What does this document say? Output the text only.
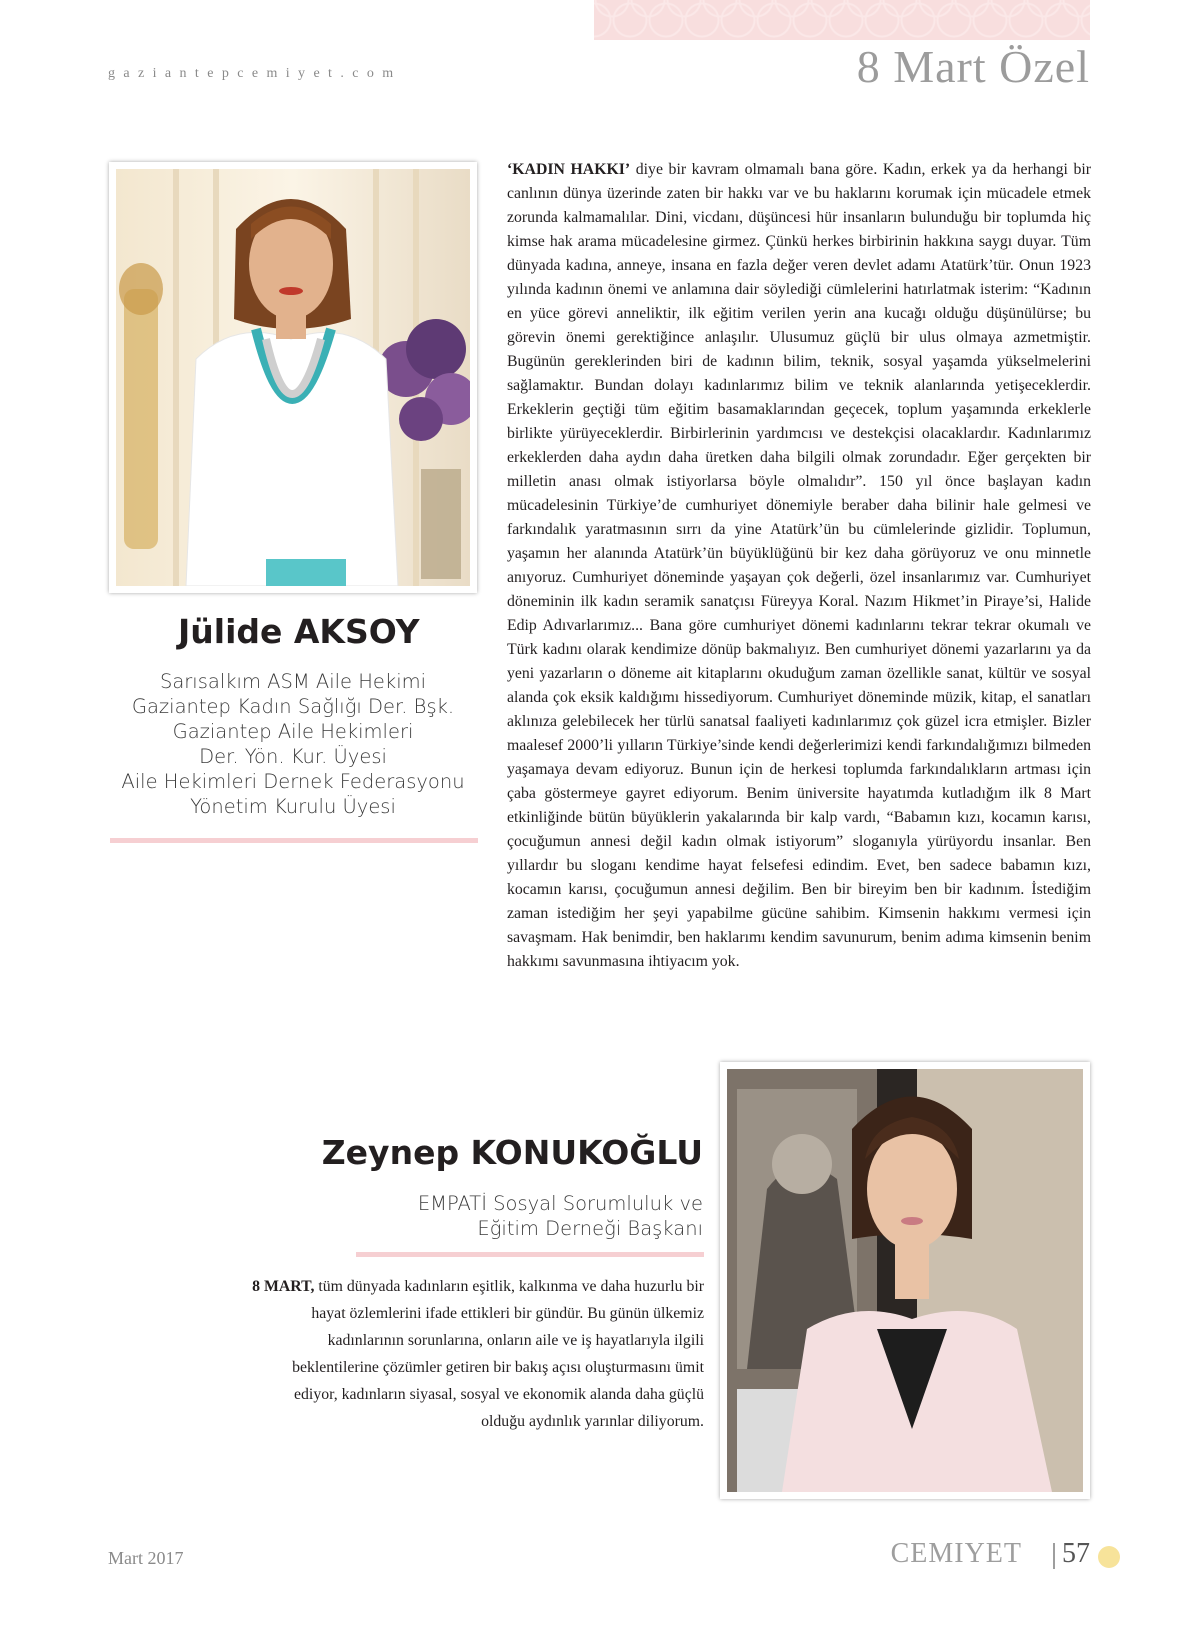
gaziantepcemiyet.com	8 Mart Özel
Jülide AKSOY
Sarısalkım ASM Aile Hekimi
Gaziantep Kadın Sağlığı Der. Bşk.
Gaziantep Aile Hekimleri
Der. Yön. Kur. Üyesi
Aile Hekimleri Dernek Federasyonu
Yönetim Kurulu Üyesi
‘KADIN HAKKI’ diye bir kavram olmamalı bana göre. Kadın, erkek ya da herhangi bir canlının dünya üzerinde zaten bir hakkı var ve bu haklarını korumak için mücadele etmek zorunda kalmamalılar. Dini, vicdanı, düşüncesi hür insanların bulunduğu bir toplumda hiç kimse hak arama mücadelesine girmez. Çünkü herkes birbirinin hakkına saygı duyar. Tüm dünyada kadına, anneye, insana en fazla değer veren devlet adamı Atatürk’tür. Onun 1923 yılında kadının önemi ve anlamına dair söylediği cümlelerini hatırlatmak isterim: “Kadının en yüce görevi anneliktir, ilk eğitim verilen yerin ana kucağı olduğu düşünülürse; bu görevin önemi gerektiğince anlaşılır. Ulusumuz güçlü bir ulus olmaya azmetmiştir. Bugünün gereklerinden biri de kadının bilim, teknik, sosyal yaşamda yükselmelerini sağlamaktır. Bundan dolayı kadınlarımız bilim ve teknik alanlarında yetişeceklerdir. Erkeklerin geçtiği tüm eğitim basamaklarından geçecek, toplum yaşamında erkeklerle birlikte yürüyeceklerdir. Birbirlerinin yardımcısı ve destekçisi olacaklardır. Kadınlarımız erkeklerden daha aydın daha üretken daha bilgili olmak zorundadır. Eğer gerçekten bir milletin anası olmak istiyorlarsa böyle olmalıdır”. 150 yıl önce başlayan kadın mücadelesinin Türkiye’de cumhuriyet dönemiyle beraber daha bilinir hale gelmesi ve farkındalık yaratmasının sırrı da yine Atatürk’ün bu cümlelerinde gizlidir. Toplumun, yaşamın her alanında Atatürk’ün büyüklüğünü bir kez daha görüyoruz ve onu minnetle anıyoruz. Cumhuriyet döneminde yaşayan çok değerli, özel insanlarımız var. Cumhuriyet döneminin ilk kadın seramik sanatçısı Füreyya Koral. Nazım Hikmet’in Piraye’si, Halide Edip Adıvarlarımız... Bana göre cumhuriyet dönemi kadınlarını tekrar tekrar okumalı ve Türk kadını olarak kendimize dönüp bakmalıyız. Ben cumhuriyet dönemi yazarlarını ya da yeni yazarların o döneme ait kitaplarını okuduğum zaman özellikle sanat, kültür ve sosyal alanda çok eksik kaldığımı hissediyorum. Cumhuriyet döneminde müzik, kitap, el sanatları aklınıza gelebilecek her türlü sanatsal faaliyeti kadınlarımız çok güzel icra etmişler. Bizler maalesef 2000’li yılların Türkiye’sinde kendi değerlerimizi kendi farkındalığımızı bilmeden yaşamaya devam ediyoruz. Bunun için de herkesi toplumda farkındalıkların artması için çaba göstermeye gayret ediyorum. Benim üniversite hayatımda kutladığım ilk 8 Mart etkinliğinde bütün büyüklerin yakalarında bir kalp vardı, “Babamın kızı, kocamın karısı, çocuğumun annesi değil kadın olmak istiyorum” sloganıyla yürüyordu insanlar. Ben yıllardır bu sloganı kendime hayat felsefesi edindim. Evet, ben sadece babamın kızı, kocamın karısı, çocuğumun annesi değilim. Ben bir bireyim ben bir kadınım. İstediğim zaman istediğim her şeyi yapabilme gücüne sahibim. Kimsenin hakkımı vermesi için savaşmam. Hak benimdir, ben haklarımı kendim savunurum, benim adıma kimsenin benim hakkımı savunmasına ihtiyacım yok.
Zeynep KONUKOĞLU
EMPATİ Sosyal Sorumluluk ve
Eğitim Derneği Başkanı
8 MART, tüm dünyada kadınların eşitlik, kalkınma ve daha huzurlu bir hayat özlemlerini ifade ettikleri bir gündür. Bu günün ülkemiz kadınlarının sorunlarına, onların aile ve iş hayatlarıyla ilgili beklentilerine çözümler getiren bir bakış açısı oluşturmasını ümit ediyor, kadınların siyasal, sosyal ve ekonomik alanda daha güçlü olduğu aydınlık yarınlar diliyorum.
Mart 2017	CEMIYET 57
